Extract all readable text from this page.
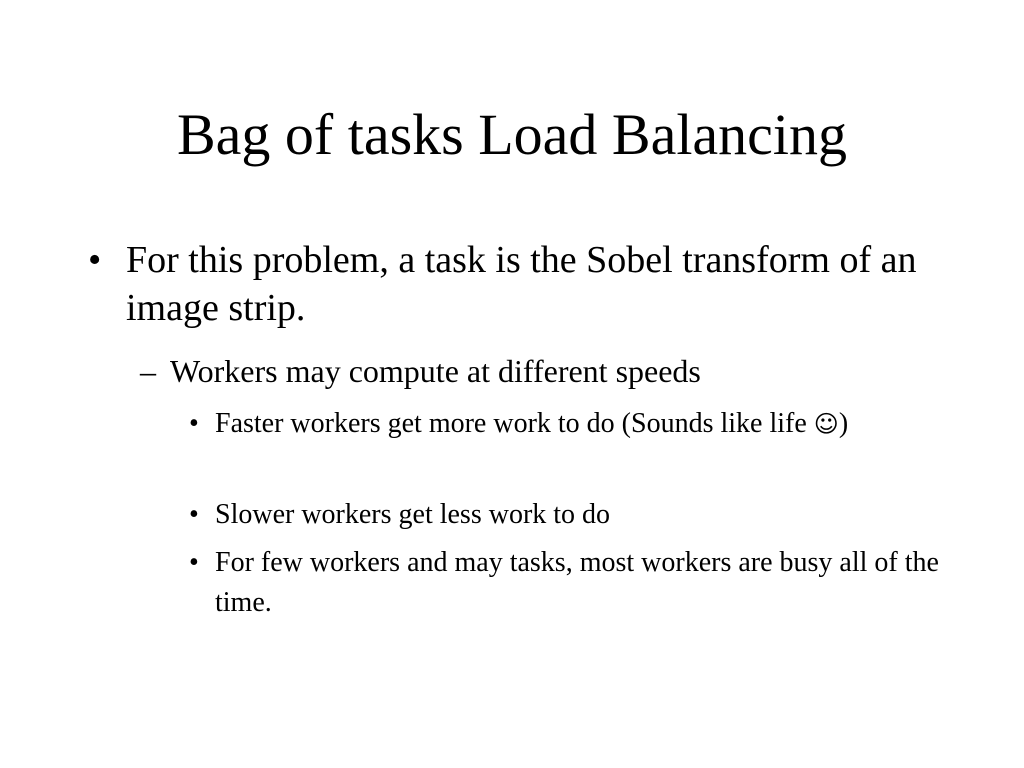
Bag of tasks Load Balancing
• For this problem, a task is the Sobel transform of an image strip.
– Workers may compute at different speeds
• Faster workers get more work to do (Sounds like life ☺)
• Slower workers get less work to do
• For few workers and may tasks, most workers are busy all of the time.
